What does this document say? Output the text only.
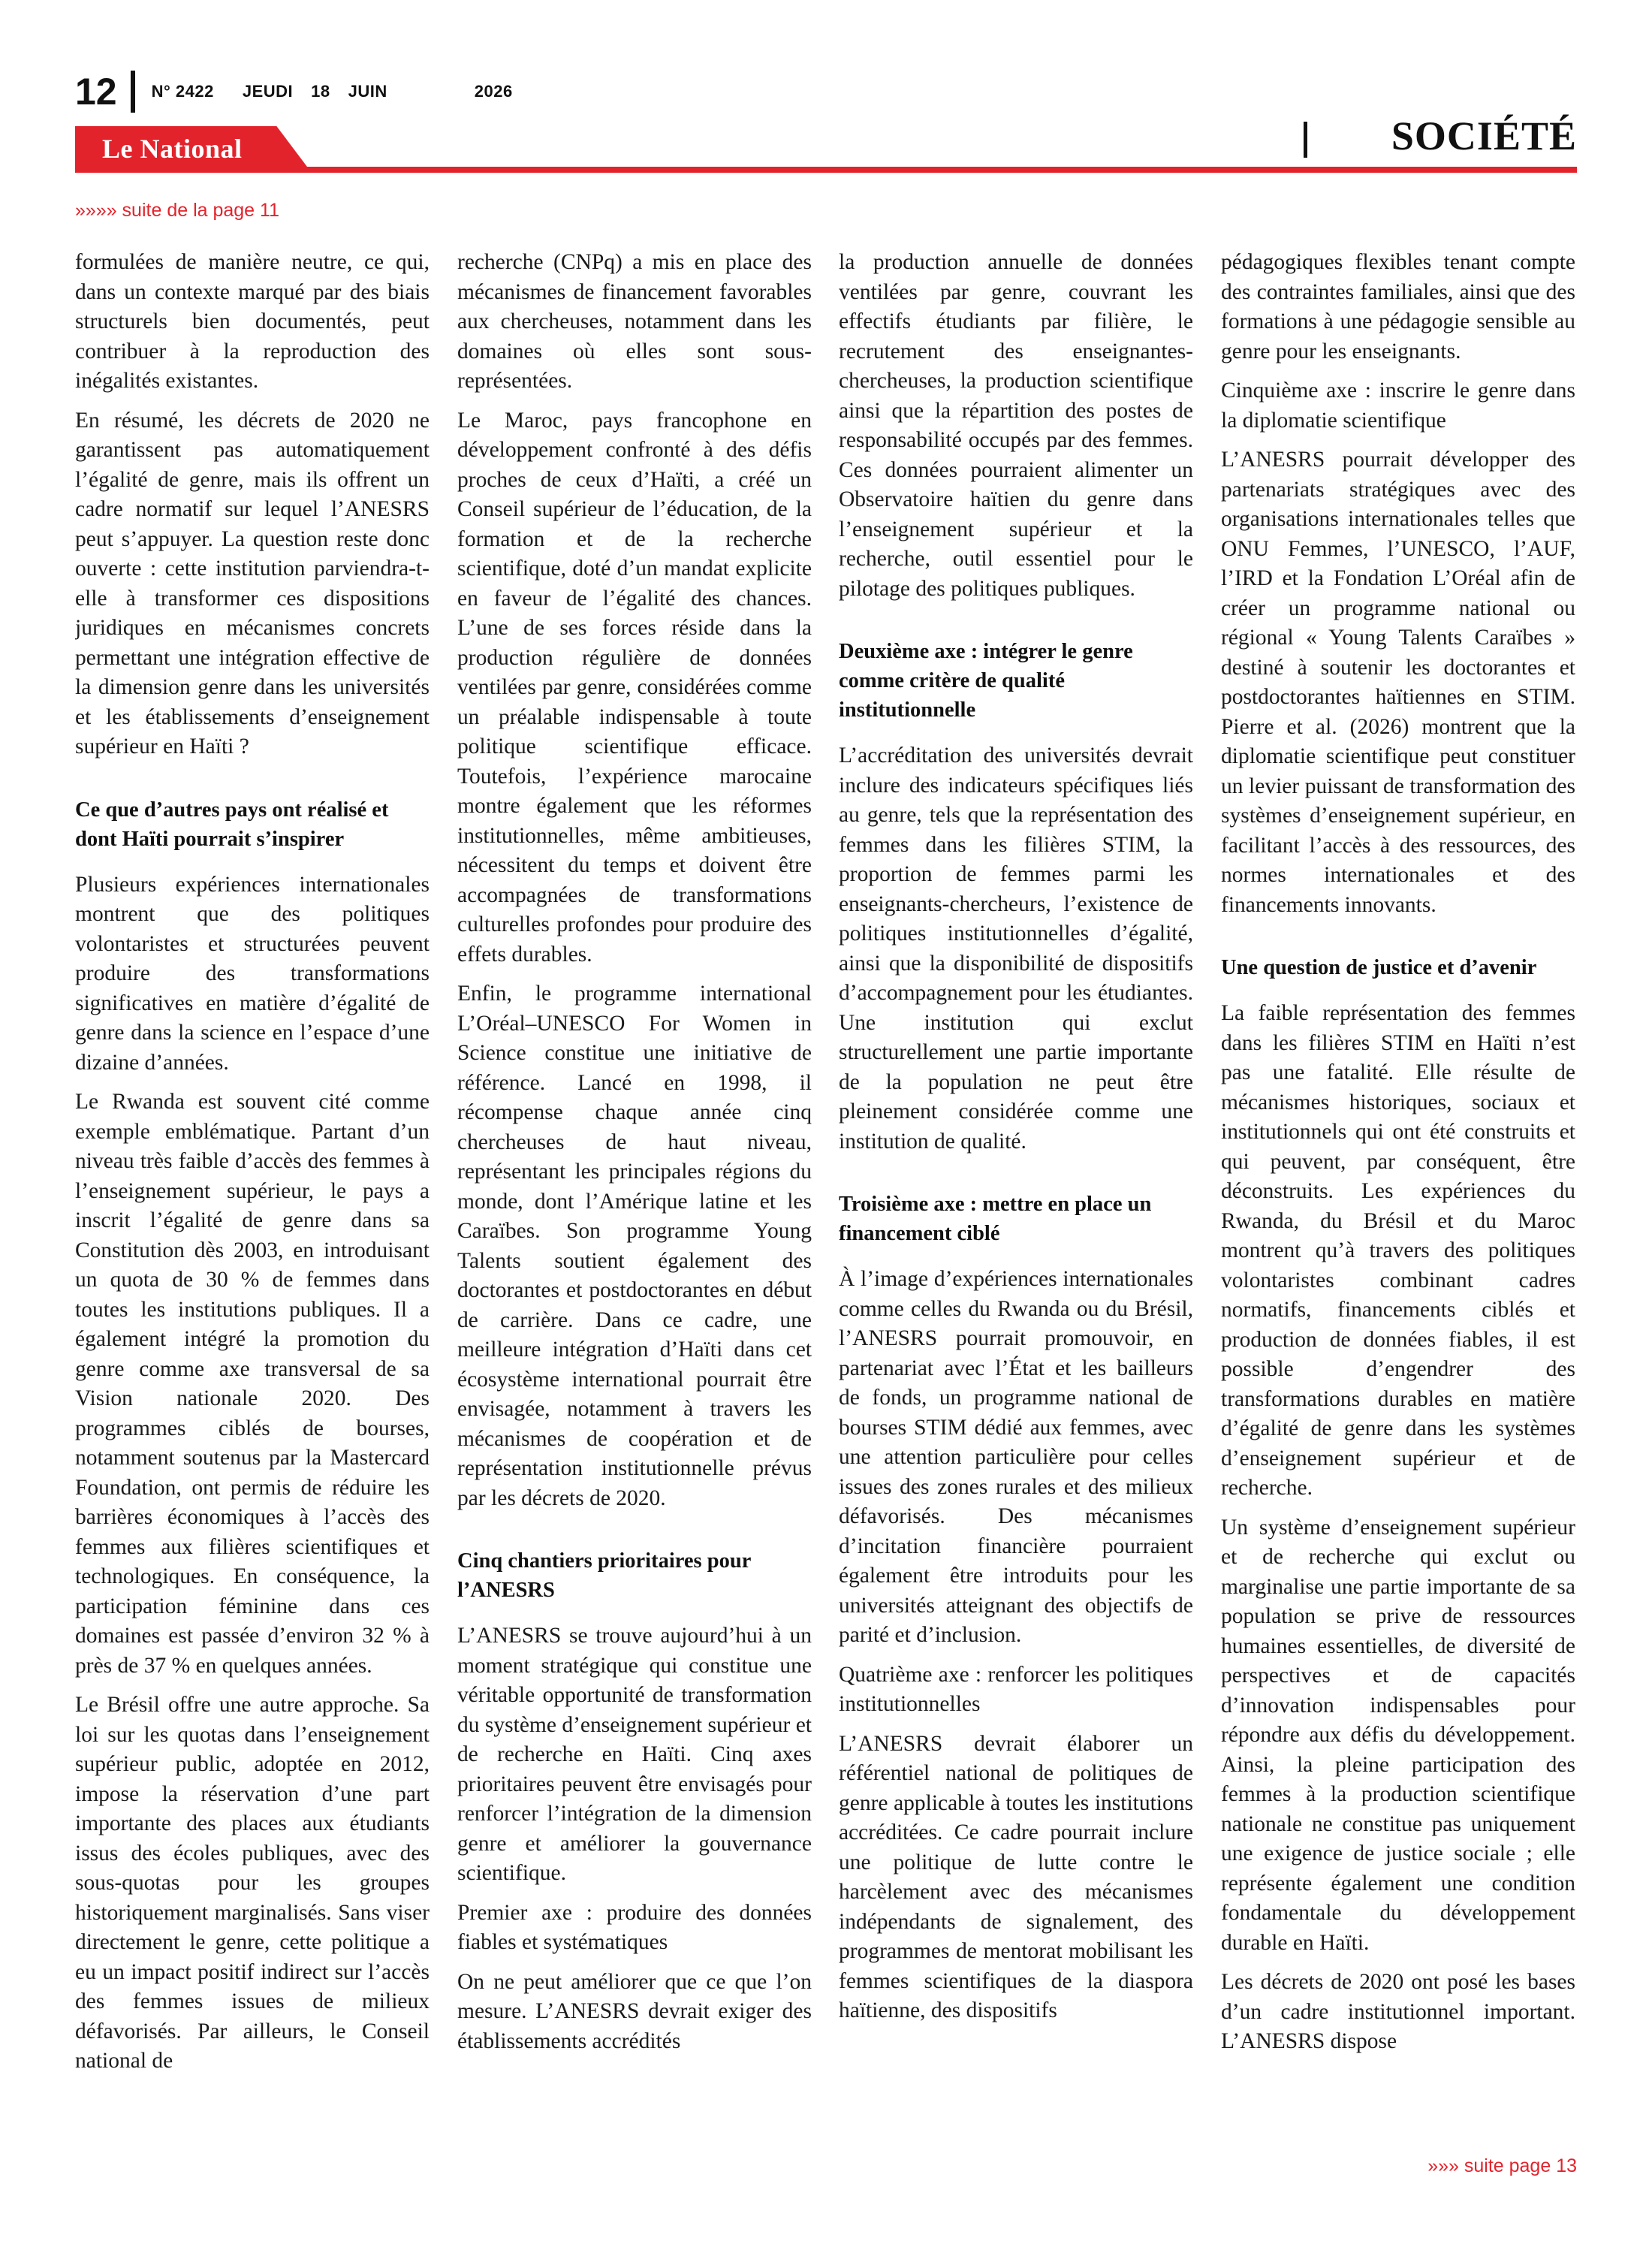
12 N° 2422 JEUDI 18 JUIN	2026
Le National	SOCIÉTÉ
»»»» suite de la page 11

formulées de manière neutre, ce qui, dans un contexte marqué par des biais structurels bien documentés, peut contribuer à la reproduction des inégalités existantes.

En résumé, les décrets de 2020 ne garantissent pas automatiquement l’égalité de genre, mais ils offrent un cadre normatif sur lequel l’ANESRS peut s’appuyer. La question reste donc ouverte : cette institution parviendra-t-elle à transformer ces dispositions juridiques en mécanismes concrets permettant une intégration effective de la dimension genre dans les universités et les établissements d’enseignement supérieur en Haïti ?

Ce que d’autres pays ont réalisé et dont Haïti pourrait s’inspirer

Plusieurs expériences internationales montrent que des politiques volontaristes et structurées peuvent produire des transformations significatives en matière d’égalité de genre dans la science en l’espace d’une dizaine d’années.

Le Rwanda est souvent cité comme exemple emblématique. Partant d’un niveau très faible d’accès des femmes à l’enseignement supérieur, le pays a inscrit l’égalité de genre dans sa Constitution dès 2003, en introduisant un quota de 30 % de femmes dans toutes les institutions publiques. Il a également intégré la promotion du genre comme axe transversal de sa Vision nationale 2020. Des programmes ciblés de bourses, notamment soutenus par la Mastercard Foundation, ont permis de réduire les barrières économiques à l’accès des femmes aux filières scientifiques et technologiques. En conséquence, la participation féminine dans ces domaines est passée d’environ 32 % à près de 37 % en quelques années.

Le Brésil offre une autre approche. Sa loi sur les quotas dans l’enseignement supérieur public, adoptée en 2012, impose la réservation d’une part importante des places aux étudiants issus des écoles publiques, avec des sous-quotas pour les groupes historiquement marginalisés. Sans viser directement le genre, cette politique a eu un impact positif indirect sur l’accès des femmes issues de milieux défavorisés. Par ailleurs, le Conseil national de

recherche (CNPq) a mis en place des mécanismes de financement favorables aux chercheuses, notamment dans les domaines où elles sont sous-représentées.

Le Maroc, pays francophone en développement confronté à des défis proches de ceux d’Haïti, a créé un Conseil supérieur de l’éducation, de la formation et de la recherche scientifique, doté d’un mandat explicite en faveur de l’égalité des chances. L’une de ses forces réside dans la production régulière de données ventilées par genre, considérées comme un préalable indispensable à toute politique scientifique efficace. Toutefois, l’expérience marocaine montre également que les réformes institutionnelles, même ambitieuses, nécessitent du temps et doivent être accompagnées de transformations culturelles profondes pour produire des effets durables.

Enfin, le programme international L’Oréal–UNESCO For Women in Science constitue une initiative de référence. Lancé en 1998, il récompense chaque année cinq chercheuses de haut niveau, représentant les principales régions du monde, dont l’Amérique latine et les Caraïbes. Son programme Young Talents soutient également des doctorantes et postdoctorantes en début de carrière. Dans ce cadre, une meilleure intégration d’Haïti dans cet écosystème international pourrait être envisagée, notamment à travers les mécanismes de coopération et de représentation institutionnelle prévus par les décrets de 2020.

Cinq chantiers prioritaires pour l’ANESRS

L’ANESRS se trouve aujourd’hui à un moment stratégique qui constitue une véritable opportunité de transformation du système d’enseignement supérieur et de recherche en Haïti. Cinq axes prioritaires peuvent être envisagés pour renforcer l’intégration de la dimension genre et améliorer la gouvernance scientifique.

Premier axe : produire des données fiables et systématiques

On ne peut améliorer que ce que l’on mesure. L’ANESRS devrait exiger des établissements accrédités

la production annuelle de données ventilées par genre, couvrant les effectifs étudiants par filière, le recrutement des enseignantes-chercheuses, la production scientifique ainsi que la répartition des postes de responsabilité occupés par des femmes. Ces données pourraient alimenter un Observatoire haïtien du genre dans l’enseignement supérieur et la recherche, outil essentiel pour le pilotage des politiques publiques.

Deuxième axe : intégrer le genre comme critère de qualité institutionnelle

L’accréditation des universités devrait inclure des indicateurs spécifiques liés au genre, tels que la représentation des femmes dans les filières STIM, la proportion de femmes parmi les enseignants-chercheurs, l’existence de politiques institutionnelles d’égalité, ainsi que la disponibilité de dispositifs d’accompagnement pour les étudiantes. Une institution qui exclut structurellement une partie importante de la population ne peut être pleinement considérée comme une institution de qualité.

Troisième axe : mettre en place un financement ciblé

À l’image d’expériences internationales comme celles du Rwanda ou du Brésil, l’ANESRS pourrait promouvoir, en partenariat avec l’État et les bailleurs de fonds, un programme national de bourses STIM dédié aux femmes, avec une attention particulière pour celles issues des zones rurales et des milieux défavorisés. Des mécanismes d’incitation financière pourraient également être introduits pour les universités atteignant des objectifs de parité et d’inclusion.

Quatrième axe : renforcer les politiques institutionnelles

L’ANESRS devrait élaborer un référentiel national de politiques de genre applicable à toutes les institutions accréditées. Ce cadre pourrait inclure une politique de lutte contre le harcèlement avec des mécanismes indépendants de signalement, des programmes de mentorat mobilisant les femmes scientifiques de la diaspora haïtienne, des dispositifs

pédagogiques flexibles tenant compte des contraintes familiales, ainsi que des formations à une pédagogie sensible au genre pour les enseignants.

Cinquième axe : inscrire le genre dans la diplomatie scientifique

L’ANESRS pourrait développer des partenariats stratégiques avec des organisations internationales telles que ONU Femmes, l’UNESCO, l’AUF, l’IRD et la Fondation L’Oréal afin de créer un programme national ou régional « Young Talents Caraïbes » destiné à soutenir les doctorantes et postdoctorantes haïtiennes en STIM. Pierre et al. (2026) montrent que la diplomatie scientifique peut constituer un levier puissant de transformation des systèmes d’enseignement supérieur, en facilitant l’accès à des ressources, des normes internationales et des financements innovants.

Une question de justice et d’avenir

La faible représentation des femmes dans les filières STIM en Haïti n’est pas une fatalité. Elle résulte de mécanismes historiques, sociaux et institutionnels qui ont été construits et qui peuvent, par conséquent, être déconstruits. Les expériences du Rwanda, du Brésil et du Maroc montrent qu’à travers des politiques volontaristes combinant cadres normatifs, financements ciblés et production de données fiables, il est possible d’engendrer des transformations durables en matière d’égalité de genre dans les systèmes d’enseignement supérieur et de recherche.

Un système d’enseignement supérieur et de recherche qui exclut ou marginalise une partie importante de sa population se prive de ressources humaines essentielles, de diversité de perspectives et de capacités d’innovation indispensables pour répondre aux défis du développement. Ainsi, la pleine participation des femmes à la production scientifique nationale ne constitue pas uniquement une exigence de justice sociale ; elle représente également une condition fondamentale du développement durable en Haïti.

Les décrets de 2020 ont posé les bases d’un cadre institutionnel important. L’ANESRS dispose

»»» suite page 13
